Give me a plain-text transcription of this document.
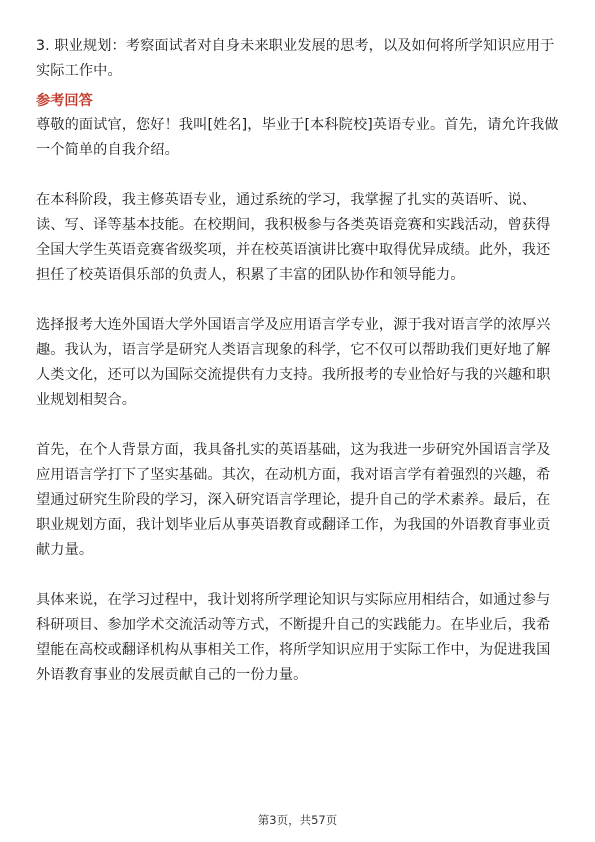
3. 职业规划：考察面试者对自身未来职业发展的思考，以及如何将所学知识应用于

实际工作中。

参考回答

尊敬的面试官，您好！我叫[姓名]，毕业于[本科院校]英语专业。首先，请允许我做

一个简单的自我介绍。

在本科阶段，我主修英语专业，通过系统的学习，我掌握了扎实的英语听、说、

读、写、译等基本技能。在校期间，我积极参与各类英语竞赛和实践活动，曾获得

全国大学生英语竞赛省级奖项，并在校英语演讲比赛中取得优异成绩。此外，我还

担任了校英语俱乐部的负责人，积累了丰富的团队协作和领导能力。

选择报考大连外国语大学外国语言学及应用语言学专业，源于我对语言学的浓厚兴

趣。我认为，语言学是研究人类语言现象的科学，它不仅可以帮助我们更好地了解

人类文化，还可以为国际交流提供有力支持。我所报考的专业恰好与我的兴趣和职

业规划相契合。

首先，在个人背景方面，我具备扎实的英语基础，这为我进一步研究外国语言学及

应用语言学打下了坚实基础。其次，在动机方面，我对语言学有着强烈的兴趣，希

望通过研究生阶段的学习，深入研究语言学理论，提升自己的学术素养。最后，在

职业规划方面，我计划毕业后从事英语教育或翻译工作，为我国的外语教育事业贡

献力量。

具体来说，在学习过程中，我计划将所学理论知识与实际应用相结合，如通过参与

科研项目、参加学术交流活动等方式，不断提升自己的实践能力。在毕业后，我希

望能在高校或翻译机构从事相关工作，将所学知识应用于实际工作中，为促进我国

外语教育事业的发展贡献自己的一份力量。

第3页，共57页
